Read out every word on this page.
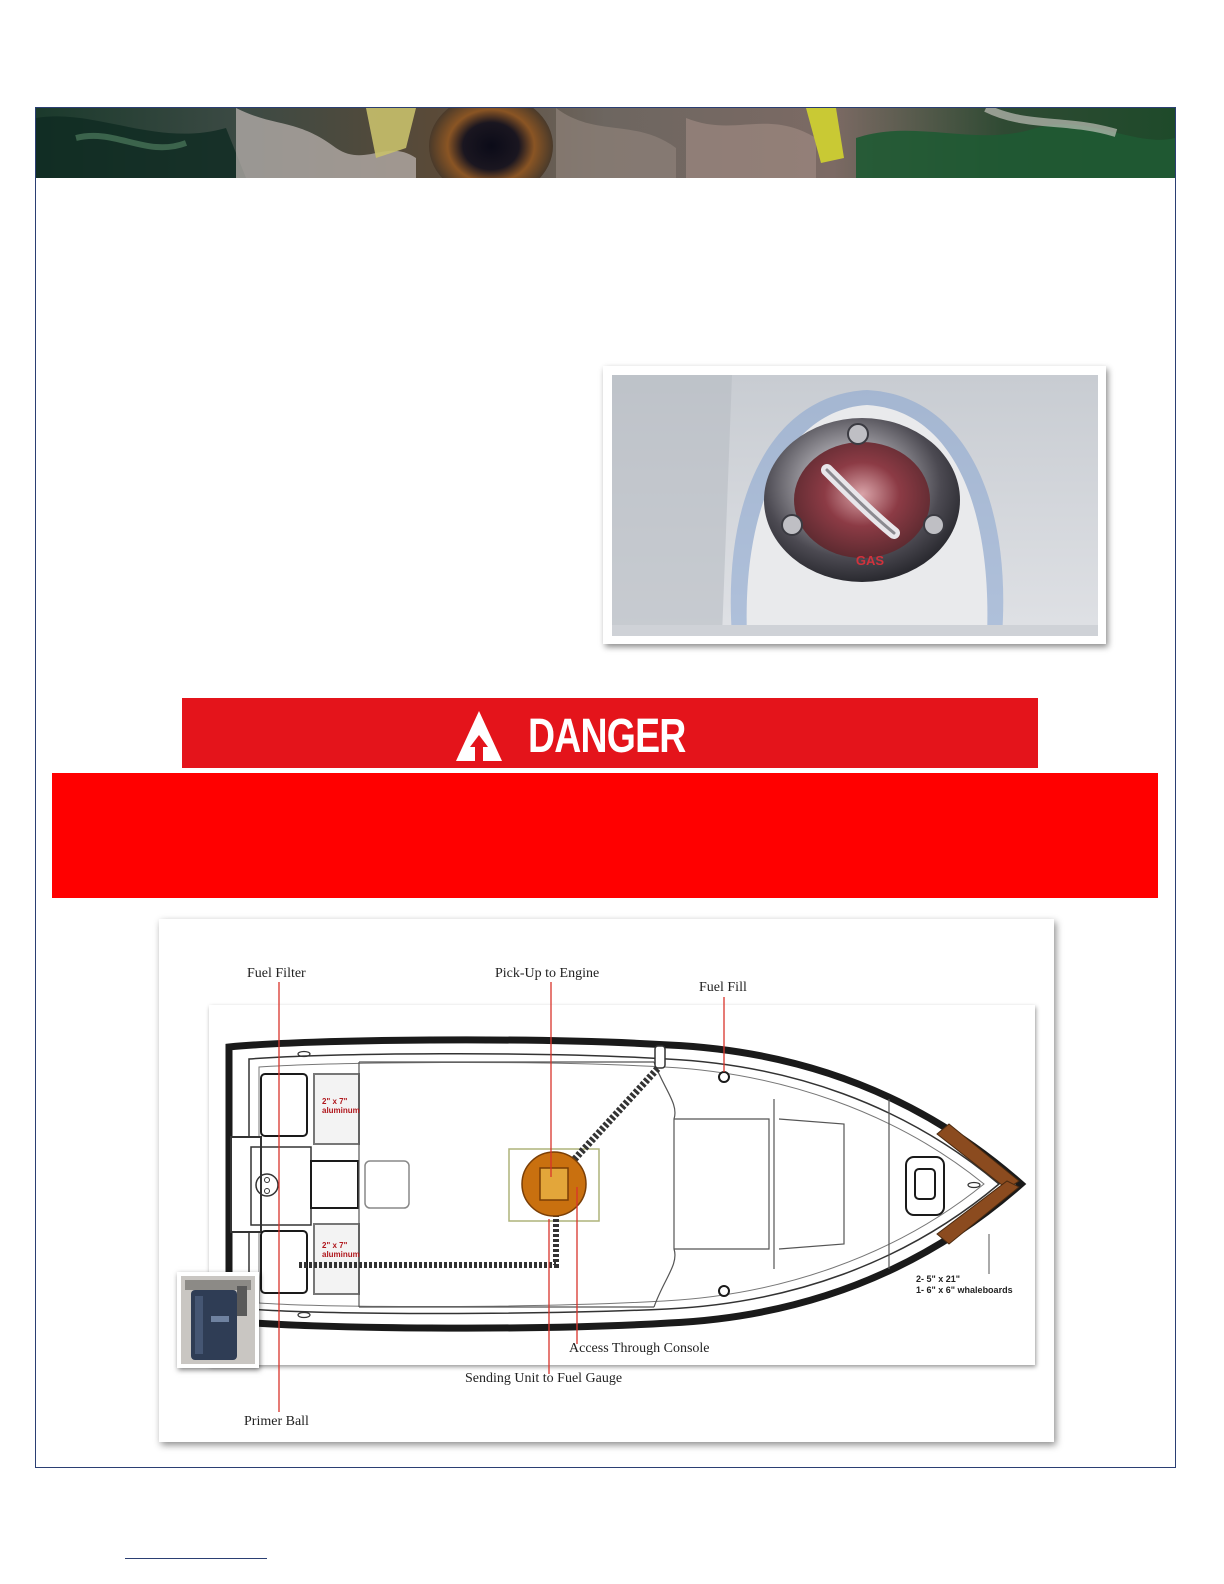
GAS
DANGER
2" x 7"
aluminum
2" x 7"
aluminum
Fuel Filter	Pick-Up to Engine
Fuel Fill
Access Through Console
Sending Unit to Fuel Gauge
Primer Ball
2- 5" x 21"
1- 6" x 6" whaleboards
